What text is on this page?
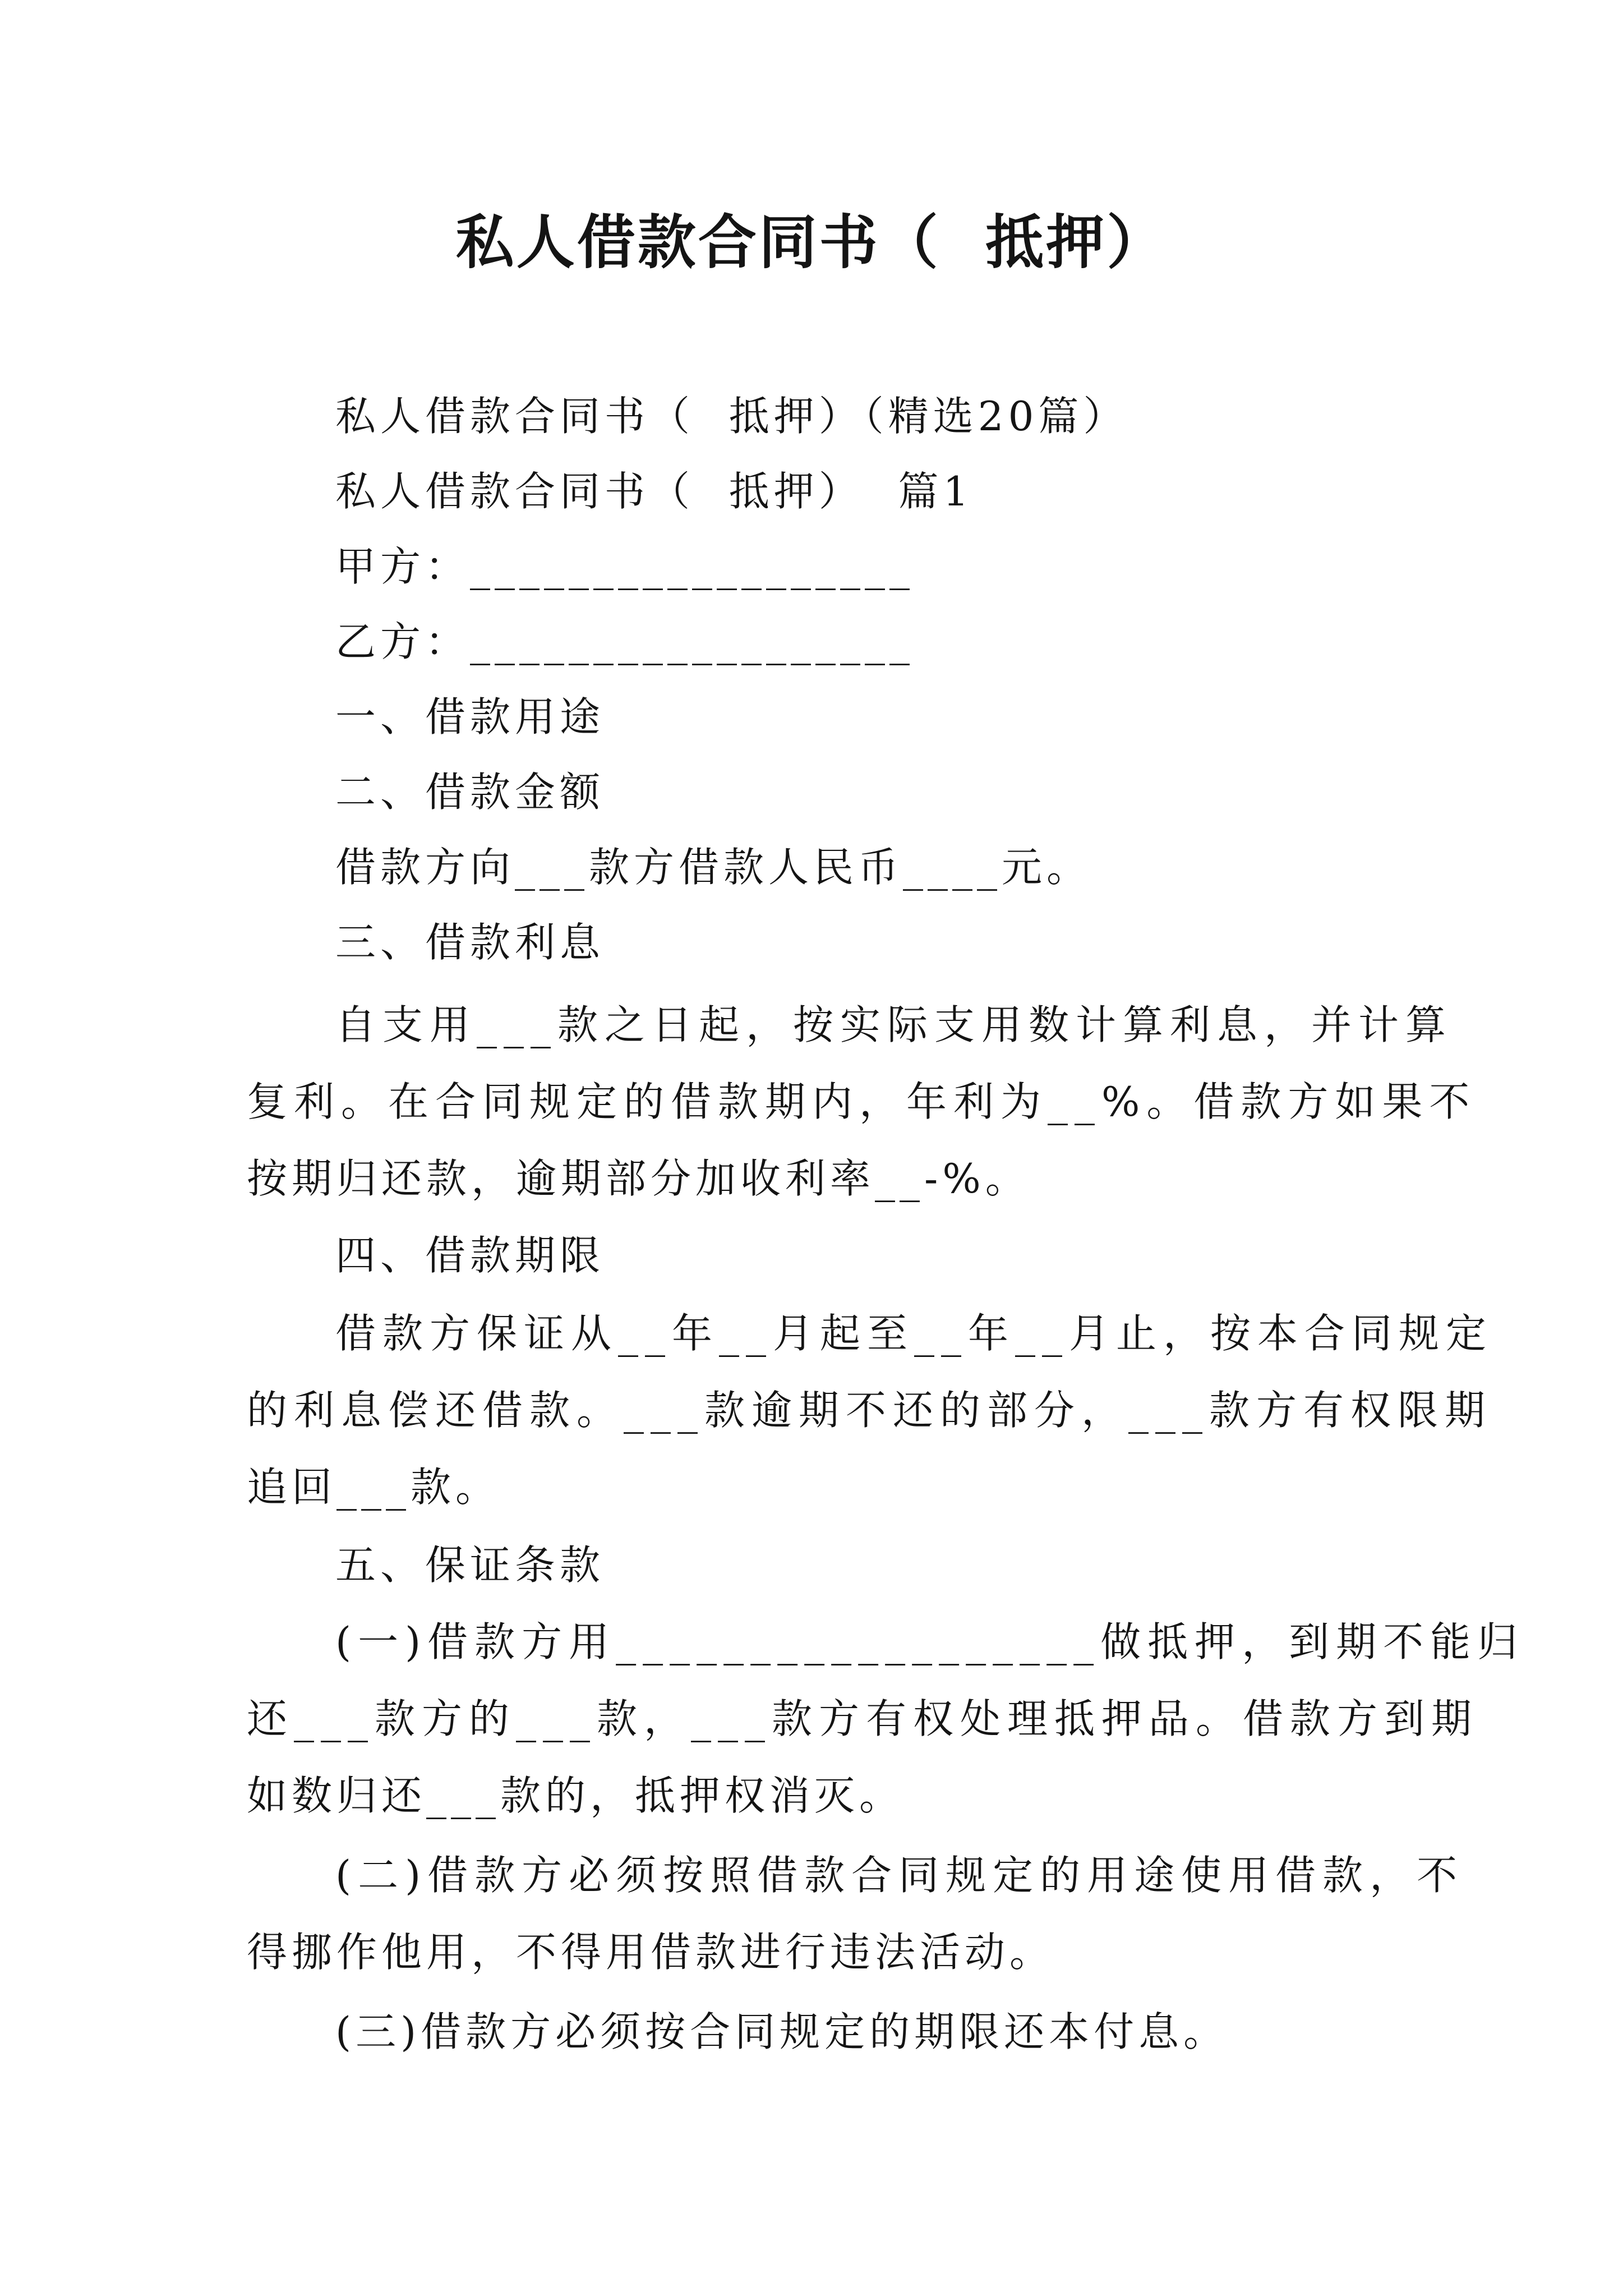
私人借款合同书（  抵押）
私人借款合同书（  抵押）（精选20篇）
私人借款合同书（  抵押）  篇1
甲方：__________________
乙方：__________________
一、借款用途
二、借款金额
借款方向___款方借款人民币____元。
三、借款利息
自支用___款之日起，按实际支用数计算利息，并计算
复利。在合同规定的借款期内，年利为__%。借款方如果不
按期归还款，逾期部分加收利率__-%。
四、借款期限
借款方保证从__年__月起至__年__月止，按本合同规定
的利息偿还借款。___款逾期不还的部分，___款方有权限期
追回___款。
五、保证条款
(一)借款方用__________________做抵押，到期不能归
还___款方的___款，___款方有权处理抵押品。借款方到期
如数归还___款的，抵押权消灭。
(二)借款方必须按照借款合同规定的用途使用借款，不
得挪作他用，不得用借款进行违法活动。
(三)借款方必须按合同规定的期限还本付息。
